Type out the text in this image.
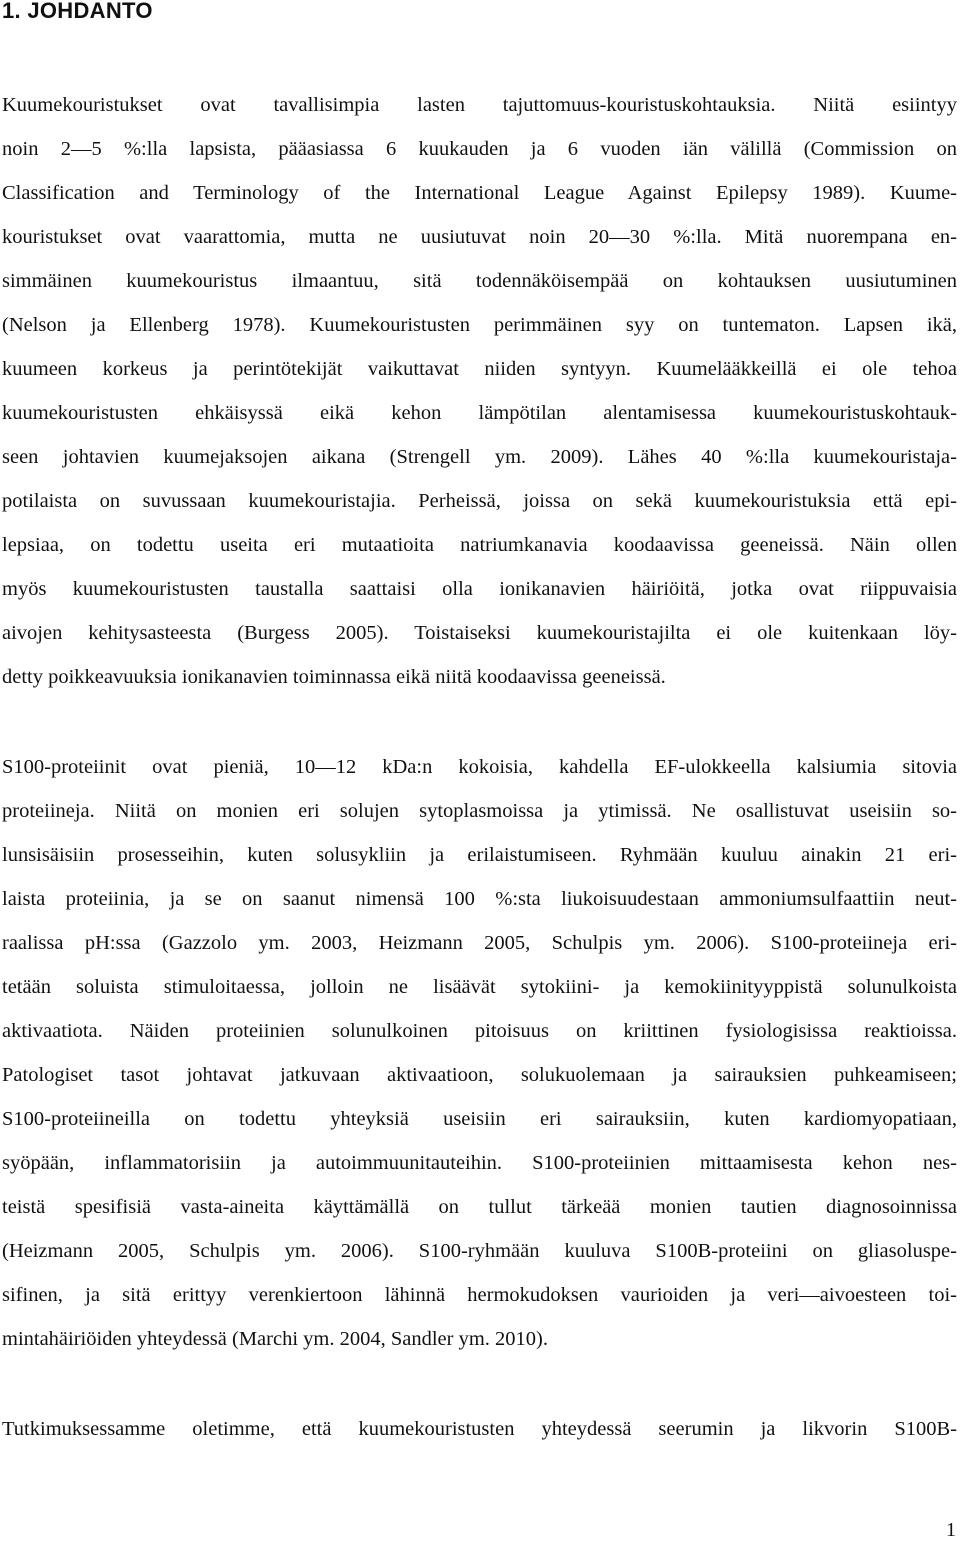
1. JOHDANTO
Kuumekouristukset ovat tavallisimpia lasten tajuttomuus-kouristuskohtauksia. Niitä esiintyy
noin 2—5 %:lla lapsista, pääasiassa 6 kuukauden ja 6 vuoden iän välillä (Commission on
Classification and Terminology of the International League Against Epilepsy 1989). Kuume-
kouristukset ovat vaarattomia, mutta ne uusiutuvat noin 20—30 %:lla. Mitä nuorempana en-
simmäinen kuumekouristus ilmaantuu, sitä todennäköisempää on kohtauksen uusiutuminen
(Nelson ja Ellenberg 1978). Kuumekouristusten perimmäinen syy on tuntematon. Lapsen ikä,
kuumeen korkeus ja perintötekijät vaikuttavat niiden syntyyn. Kuumelääkkeillä ei ole tehoa
kuumekouristusten ehkäisyssä eikä kehon lämpötilan alentamisessa kuumekouristuskohtauk-
seen johtavien kuumejaksojen aikana (Strengell ym. 2009). Lähes 40 %:lla kuumekouristaja-
potilaista on suvussaan kuumekouristajia. Perheissä, joissa on sekä kuumekouristuksia että epi-
lepsiaa, on todettu useita eri mutaatioita natriumkanavia koodaavissa geeneissä. Näin ollen
myös kuumekouristusten taustalla saattaisi olla ionikanavien häiriöitä, jotka ovat riippuvaisia
aivojen kehitysasteesta (Burgess 2005). Toistaiseksi kuumekouristajilta ei ole kuitenkaan löy-
detty poikkeavuuksia ionikanavien toiminnassa eikä niitä koodaavissa geeneissä.
S100-proteiinit ovat pieniä, 10—12 kDa:n kokoisia, kahdella EF-ulokkeella kalsiumia sitovia
proteiineja. Niitä on monien eri solujen sytoplasmoissa ja ytimissä. Ne osallistuvat useisiin so-
lunsisäisiin prosesseihin, kuten solusykliin ja erilaistumiseen. Ryhmään kuuluu ainakin 21 eri-
laista proteiinia, ja se on saanut nimensä 100 %:sta liukoisuudestaan ammoniumsulfaattiin neut-
raalissa pH:ssa (Gazzolo ym. 2003, Heizmann 2005, Schulpis ym. 2006). S100-proteiineja eri-
tetään soluista stimuloitaessa, jolloin ne lisäävät sytokiini- ja kemokiinityyppistä solunulkoista
aktivaatiota. Näiden proteiinien solunulkoinen pitoisuus on kriittinen fysiologisissa reaktioissa.
Patologiset tasot johtavat jatkuvaan aktivaatioon, solukuolemaan ja sairauksien puhkeamiseen;
S100-proteiineilla on todettu yhteyksiä useisiin eri sairauksiin, kuten kardiomyopatiaan,
syöpään, inflammatorisiin ja autoimmuunitauteihin. S100-proteiinien mittaamisesta kehon nes-
teistä spesifisiä vasta-aineita käyttämällä on tullut tärkeää monien tautien diagnosoinnissa
(Heizmann 2005, Schulpis ym. 2006). S100-ryhmään kuuluva S100B-proteiini on gliasoluspe-
sifinen, ja sitä erittyy verenkiertoon lähinnä hermokudoksen vaurioiden ja veri—aivoesteen toi-
mintahäiriöiden yhteydessä (Marchi ym. 2004, Sandler ym. 2010).
Tutkimuksessamme oletimme, että kuumekouristusten yhteydessä seerumin ja likvorin S100B-
1
